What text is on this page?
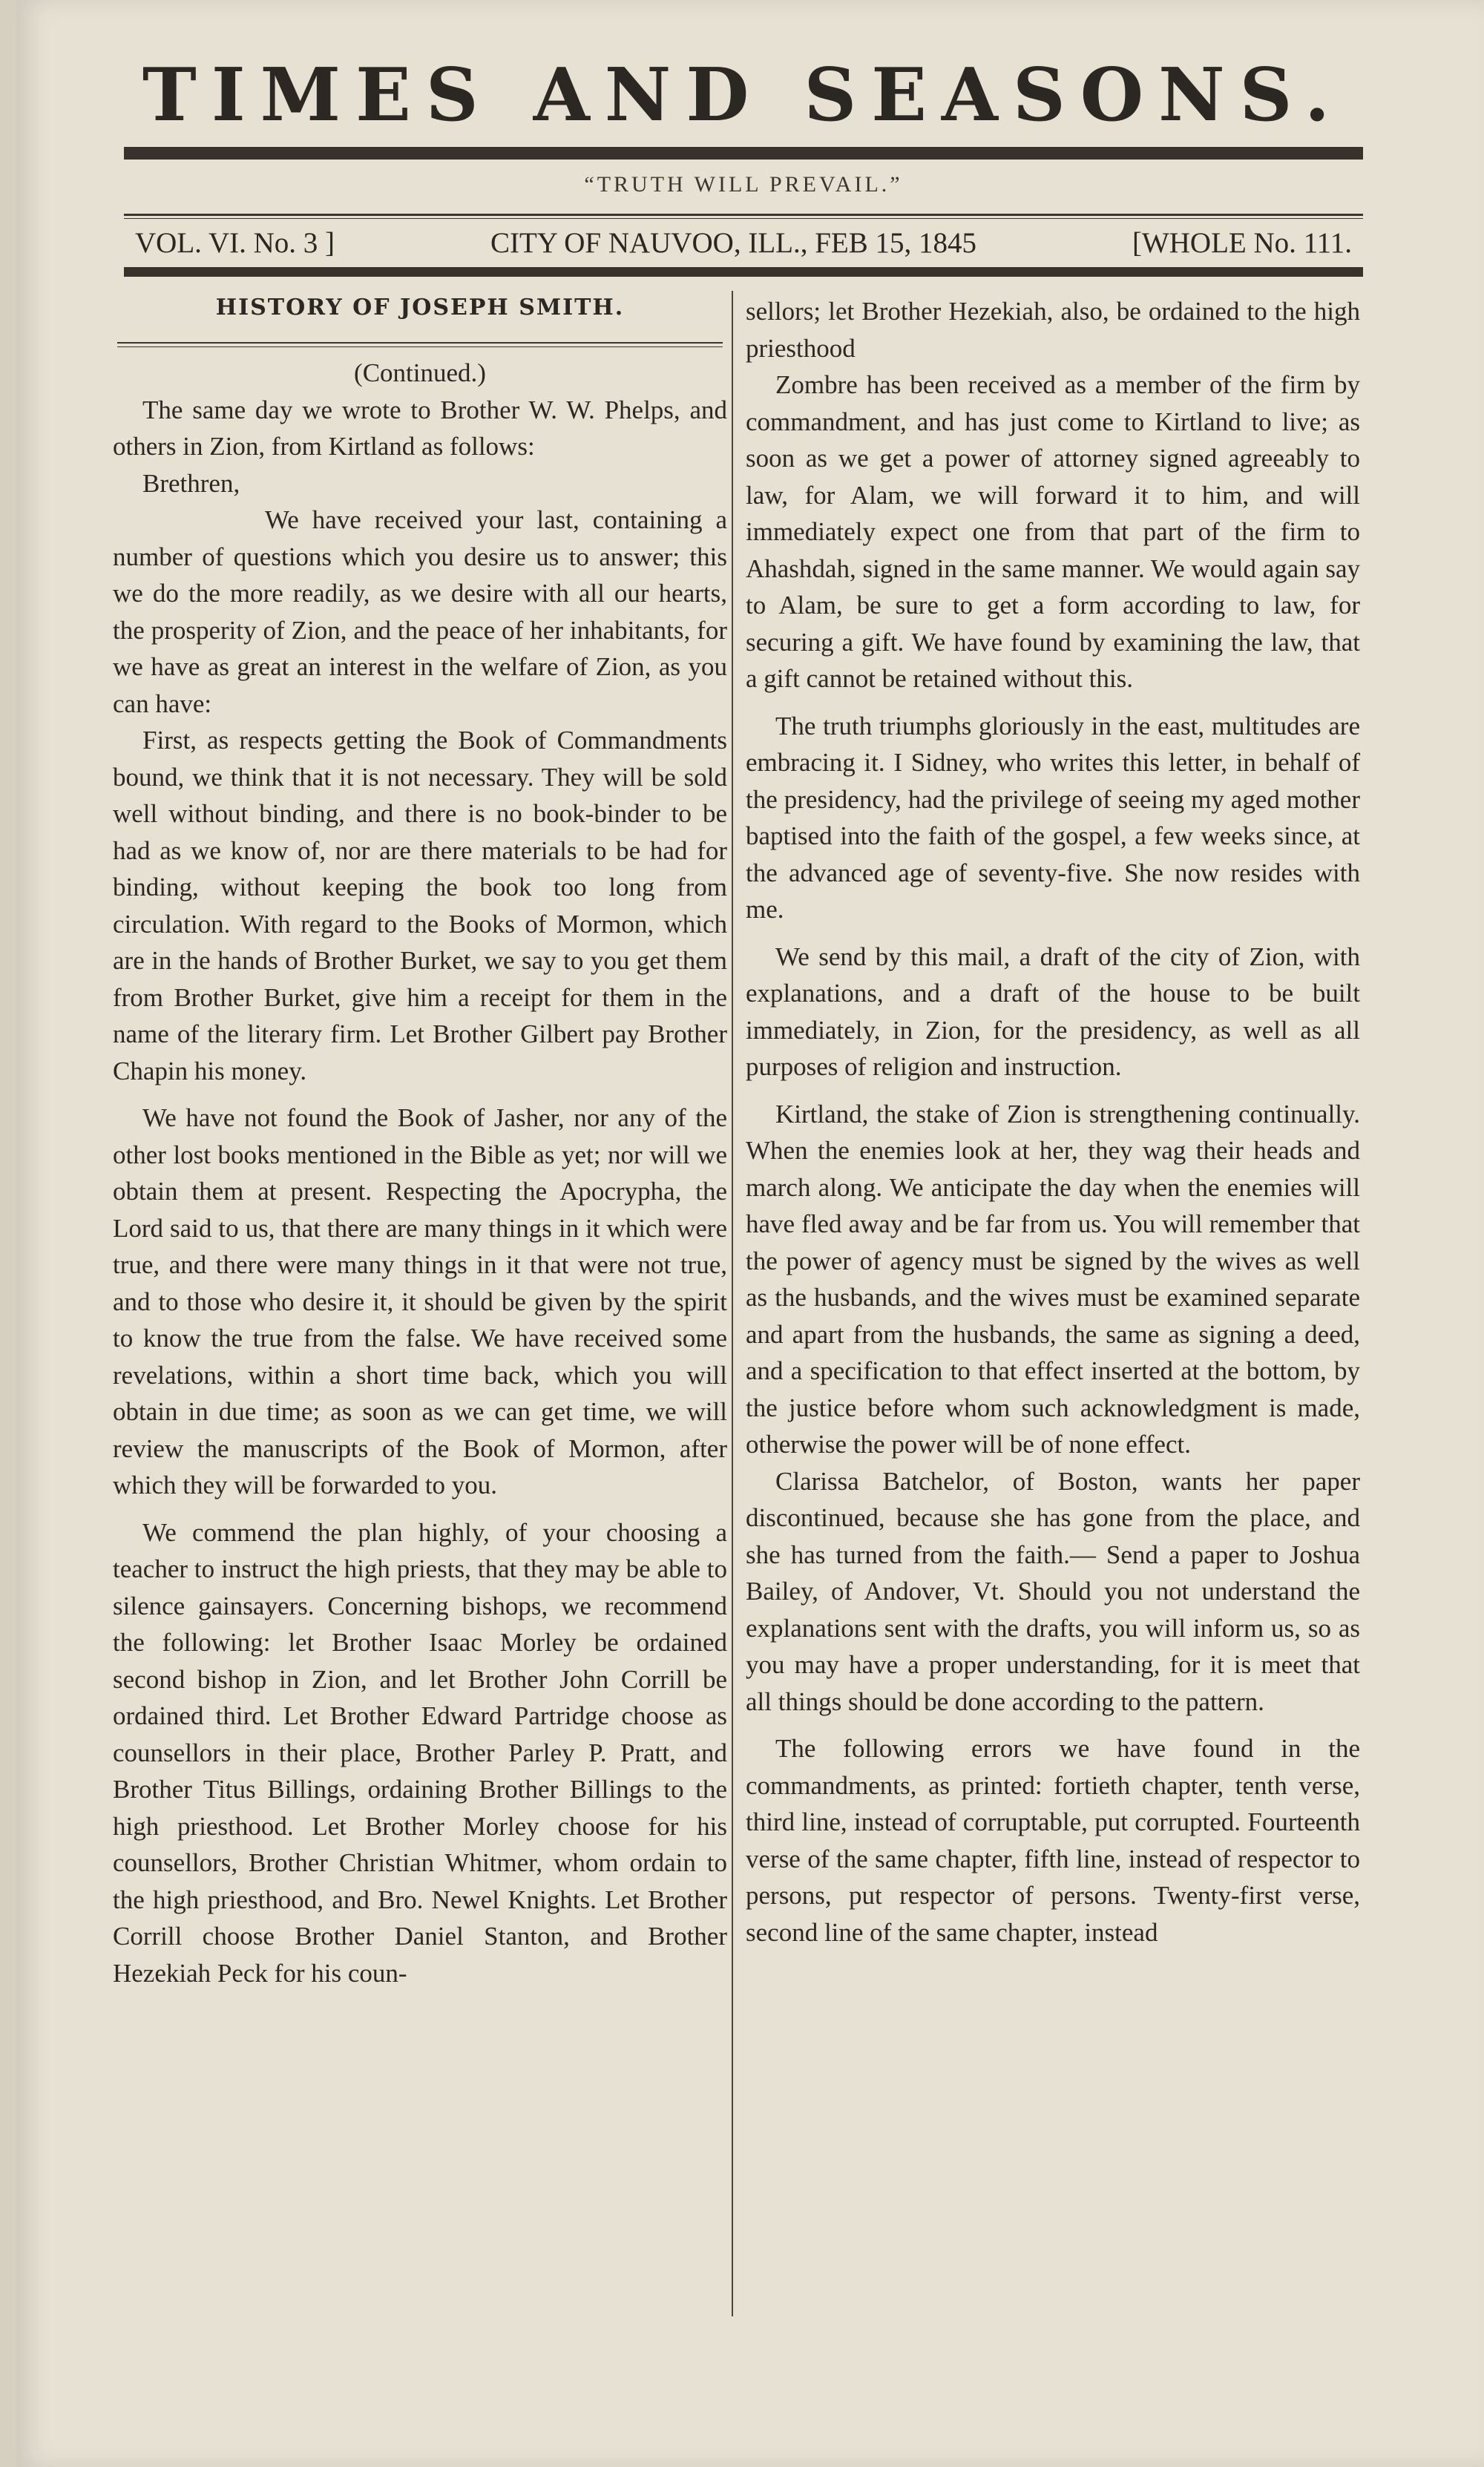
TIMES AND SEASONS.
“TRUTH WILL PREVAIL.”
VOL. VI. No. 3 ]	CITY OF NAUVOO, ILL., FEB 15, 1845	[WHOLE No. 111.
HISTORY OF JOSEPH SMITH.

(Continued.)

The same day we wrote to Brother W. W. Phelps, and others in Zion, from Kirtland as follows:

Brethren,

We have received your last, containing a number of questions which you desire us to answer; this we do the more readily, as we desire with all our hearts, the prosperity of Zion, and the peace of her inhabitants, for we have as great an interest in the welfare of Zion, as you can have:

First, as respects getting the Book of Commandments bound, we think that it is not necessary. They will be sold well without binding, and there is no book-binder to be had as we know of, nor are there materials to be had for binding, without keeping the book too long from circulation. With regard to the Books of Mormon, which are in the hands of Brother Burket, we say to you get them from Brother Burket, give him a receipt for them in the name of the literary firm. Let Brother Gilbert pay Brother Chapin his money.

We have not found the Book of Jasher, nor any of the other lost books mentioned in the Bible as yet; nor will we obtain them at present. Respecting the Apocrypha, the Lord said to us, that there are many things in it which were true, and there were many things in it that were not true, and to those who desire it, it should be given by the spirit to know the true from the false. We have received some revelations, within a short time back, which you will obtain in due time; as soon as we can get time, we will review the manuscripts of the Book of Mormon, after which they will be forwarded to you.

We commend the plan highly, of your choosing a teacher to instruct the high priests, that they may be able to silence gainsayers. Concerning bishops, we recommend the following: let Brother Isaac Morley be ordained second bishop in Zion, and let Brother John Corrill be ordained third. Let Brother Edward Partridge choose as counsellors in their place, Brother Parley P. Pratt, and Brother Titus Billings, ordaining Brother Billings to the high priesthood. Let Brother Morley choose for his counsellors, Brother Christian Whitmer, whom ordain to the high priesthood, and Bro. Newel Knights. Let Brother Corrill choose Brother Daniel Stanton, and Brother Hezekiah Peck for his coun-

sellors; let Brother Hezekiah, also, be ordained to the high priesthood

Zombre has been received as a member of the firm by commandment, and has just come to Kirtland to live; as soon as we get a power of attorney signed agreeably to law, for Alam, we will forward it to him, and will immediately expect one from that part of the firm to Ahashdah, signed in the same manner. We would again say to Alam, be sure to get a form according to law, for securing a gift. We have found by examining the law, that a gift cannot be retained without this.

The truth triumphs gloriously in the east, multitudes are embracing it. I Sidney, who writes this letter, in behalf of the presidency, had the privilege of seeing my aged mother baptised into the faith of the gospel, a few weeks since, at the advanced age of seventy-five. She now resides with me.

We send by this mail, a draft of the city of Zion, with explanations, and a draft of the house to be built immediately, in Zion, for the presidency, as well as all purposes of religion and instruction.

Kirtland, the stake of Zion is strengthening continually. When the enemies look at her, they wag their heads and march along. We anticipate the day when the enemies will have fled away and be far from us. You will remember that the power of agency must be signed by the wives as well as the husbands, and the wives must be examined separate and apart from the husbands, the same as signing a deed, and a specification to that effect inserted at the bottom, by the justice before whom such acknowledgment is made, otherwise the power will be of none effect.

Clarissa Batchelor, of Boston, wants her paper discontinued, because she has gone from the place, and she has turned from the faith.— Send a paper to Joshua Bailey, of Andover, Vt. Should you not understand the explanations sent with the drafts, you will inform us, so as you may have a proper understanding, for it is meet that all things should be done according to the pattern.

The following errors we have found in the commandments, as printed: fortieth chapter, tenth verse, third line, instead of corruptable, put corrupted. Fourteenth verse of the same chapter, fifth line, instead of respector to persons, put respector of persons. Twenty-first verse, second line of the same chapter, instead
